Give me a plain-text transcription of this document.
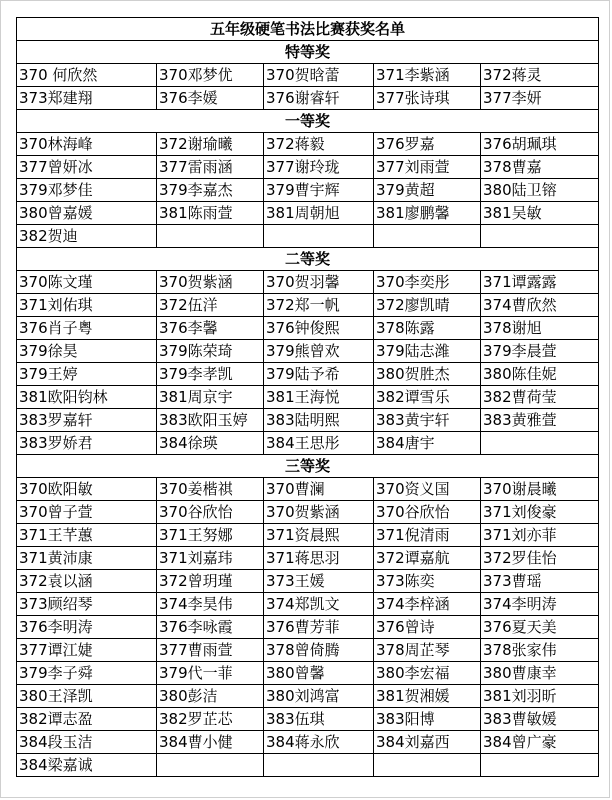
五年级硬笔书法比赛获奖名单				
特等奖				
370 何欣然	370邓梦优	370贺晗蕾	371李紫涵	372蒋灵
373郑建翔	376李媛	376谢睿轩	377张诗琪	377李妍
一等奖				
370林海峰	372谢瑜曦	372蒋毅	376罗嘉	376胡珮琪
377曾妍冰	377雷雨涵	377谢玲珑	377刘雨萱	378曹嘉
379邓梦佳	379李嘉杰	379曹宇辉	379黄超	380陆卫镕
380曾嘉媛	381陈雨萱	381周朝旭	381廖鹏馨	381吴敏
382贺迪				
二等奖				
370陈文瑾	370贺紫涵	370贺羽馨	370李奕彤	371谭露露
371刘佑琪	372伍洋	372郑一帆	372廖凯晴	374曹欣然
376肖子粤	376李馨	376钟俊熙	378陈露	378谢旭
379徐昊	379陈荣琦	379熊曾欢	379陆志潍	379李晨萱
379王婷	379李孝凯	379陆予希	380贺胜杰	380陈佳妮
381欧阳钧林	381周京宇	381王海悦	382谭雪乐	382曹荷莹
383罗嘉轩	383欧阳玉婷	383陆明熙	383黄宇轩	383黄雅萱
383罗娇君	384徐瑛	384王思彤	384唐宇	
三等奖				
370欧阳敏	370姜楷祺	370曹澜	370资义国	370谢晨曦
370曾子萱	370谷欣怡	370贺紫涵	370谷欣怡	371刘俊豪
371王芊蕙	371王努娜	371资晨熙	371倪清雨	371刘亦菲
371黄沛康	371刘嘉玮	371蒋思羽	372谭嘉航	372罗佳怡
372袁以涵	372曾玥瑾	373王媛	373陈奕	373曹瑶
373顾绍琴	374李昊伟	374郑凯文	374李梓涵	374李明涛
376李明涛	376李咏霞	376曹芳菲	376曾诗	376夏天美
377谭江婕	377曹雨萱	378曾倚腾	378周芷琴	378张家伟
379李子舜	379代一菲	380曾馨	380李宏福	380曹康幸
380王泽凯	380彭洁	380刘鸿富	381贺湘媛	381刘羽昕
382谭志盈	382罗芷芯	383伍琪	383阳博	383曹敏媛
384段玉洁	384曹小健	384蒋永欣	384刘嘉西	384曾广豪
384梁嘉诚				
